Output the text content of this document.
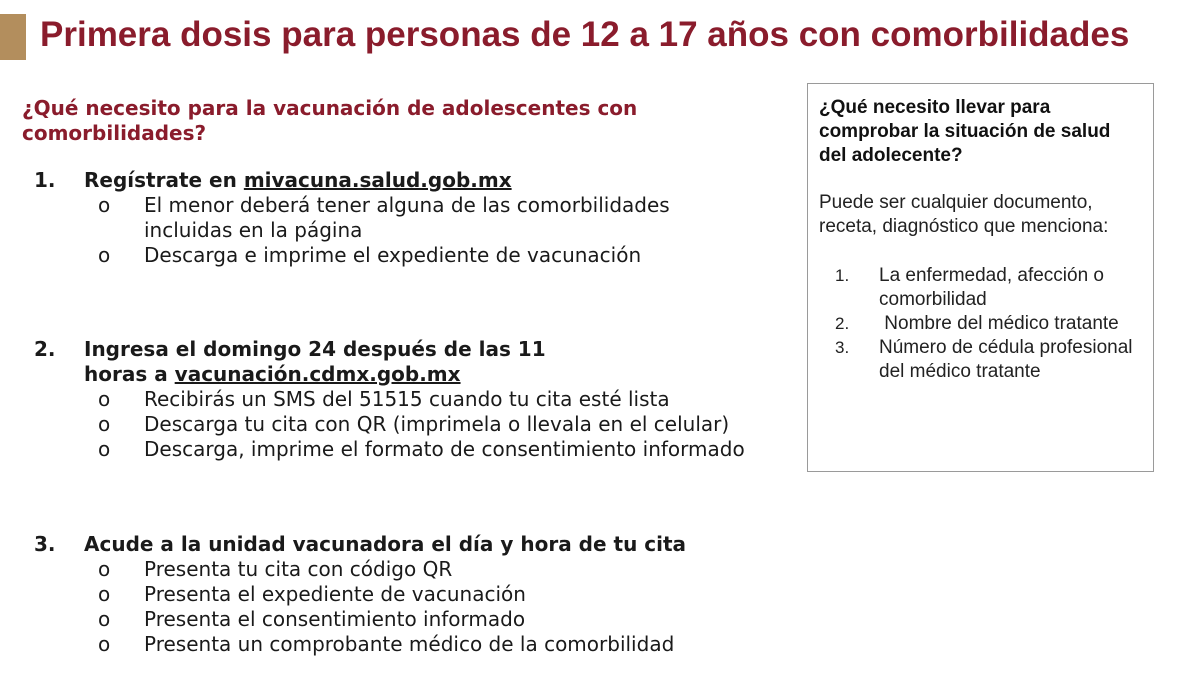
Primera dosis para personas de 12 a 17 años con comorbilidades

¿Qué necesito para la vacunación de adolescentes con comorbilidades?

1. Regístrate en mivacuna.salud.gob.mx
o El menor deberá tener alguna de las comorbilidades incluidas en la página
o Descarga e imprime el expediente de vacunación
2. Ingresa el domingo 24 después de las 11 horas a vacunación.cdmx.gob.mx
o Recibirás un SMS del 51515 cuando tu cita esté lista
o Descarga tu cita con QR (imprimela o llevala en el celular)
o Descarga, imprime el formato de consentimiento informado
3. Acude a la unidad vacunadora el día y hora de tu cita
o Presenta tu cita con código QR
o Presenta el expediente de vacunación
o Presenta el consentimiento informado
o Presenta un comprobante médico de la comorbilidad

¿Qué necesito llevar para comprobar la situación de salud del adolecente?

Puede ser cualquier documento, receta, diagnóstico que menciona:

1. La enfermedad, afección o comorbilidad
2. Nombre del médico tratante
3. Número de cédula profesional del médico tratante
